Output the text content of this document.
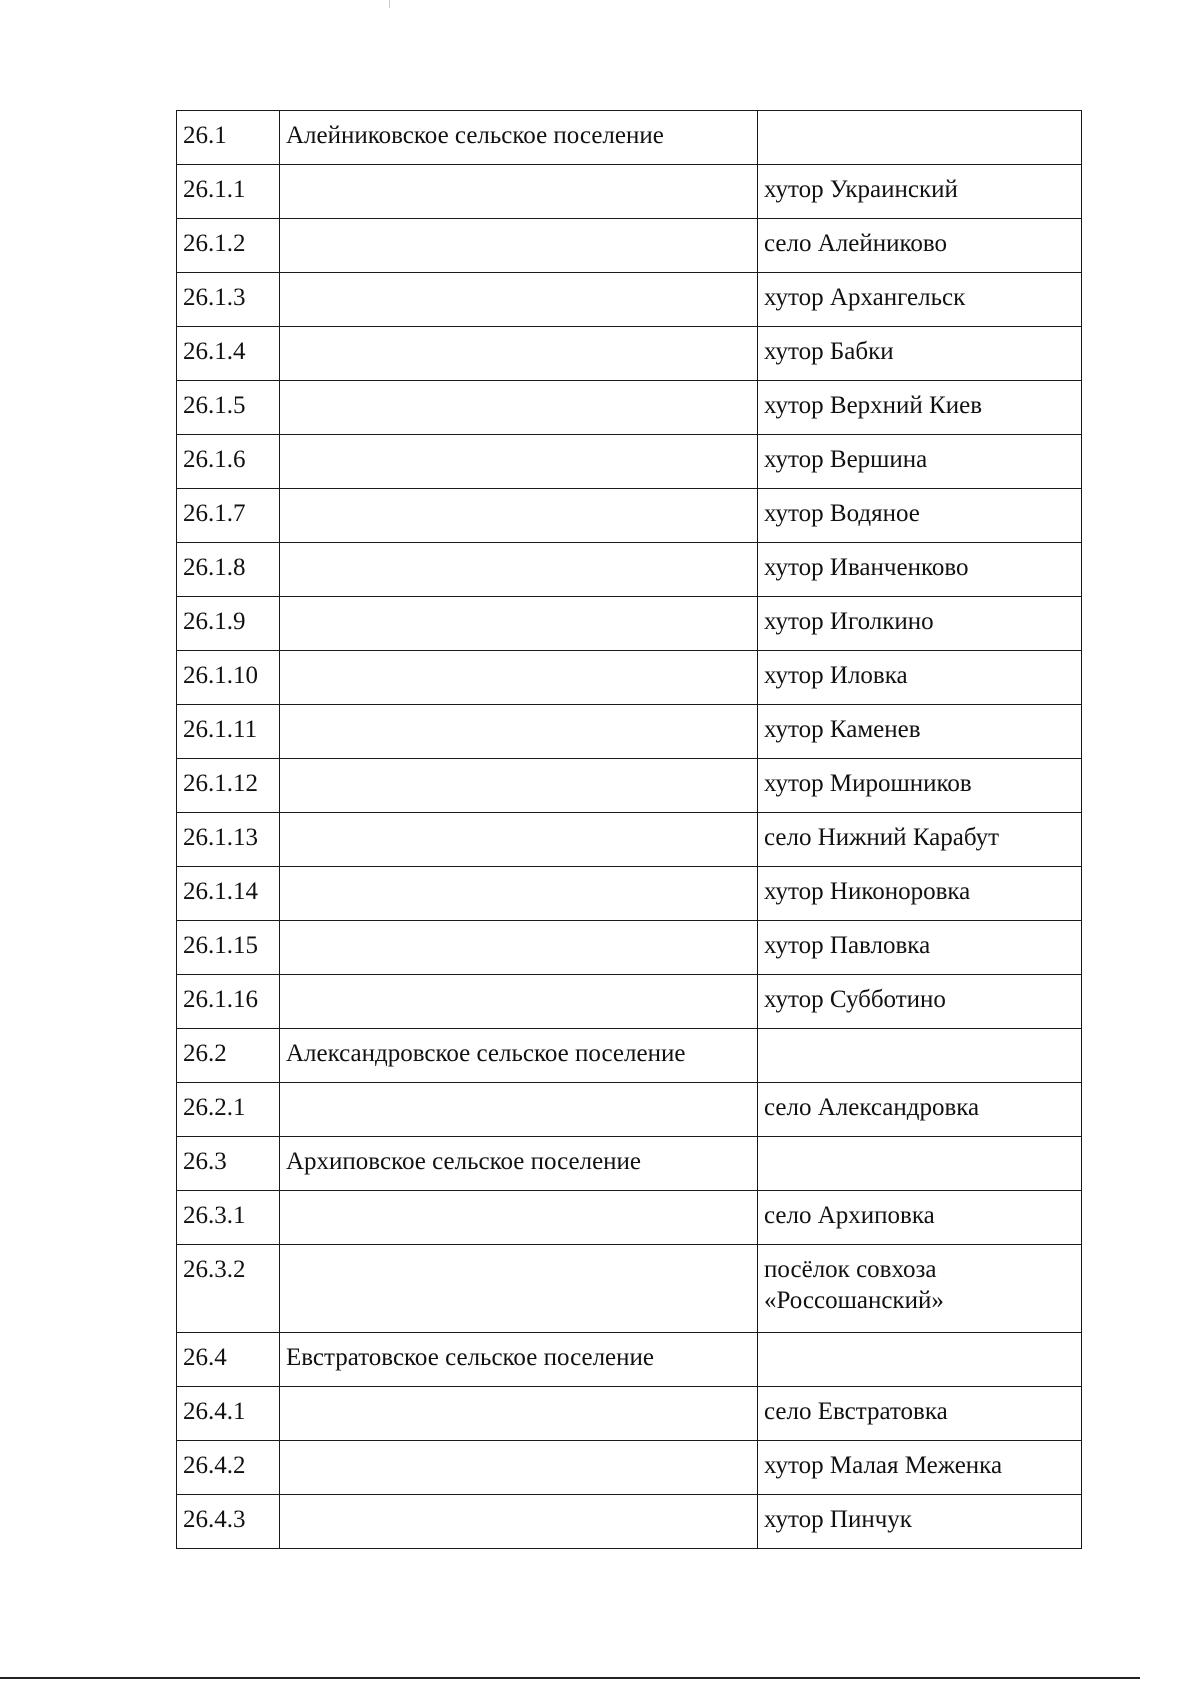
26.1	Алейниковское сельское поселение	
26.1.1		хутор Украинский
26.1.2		село Алейниково
26.1.3		хутор Архангельск
26.1.4		хутор Бабки
26.1.5		хутор Верхний Киев
26.1.6		хутор Вершина
26.1.7		хутор Водяное
26.1.8		хутор Иванченково
26.1.9		хутор Иголкино
26.1.10		хутор Иловка
26.1.11		хутор Каменев
26.1.12		хутор Мирошников
26.1.13		село Нижний Карабут
26.1.14		хутор Никоноровка
26.1.15		хутор Павловка
26.1.16		хутор Субботино
26.2	Александровское сельское поселение	
26.2.1		село Александровка
26.3	Архиповское сельское поселение	
26.3.1		село Архиповка
26.3.2		посёлок совхоза «Россошанский»
26.4	Евстратовское сельское поселение	
26.4.1		село Евстратовка
26.4.2		хутор Малая Меженка
26.4.3		хутор Пинчук
